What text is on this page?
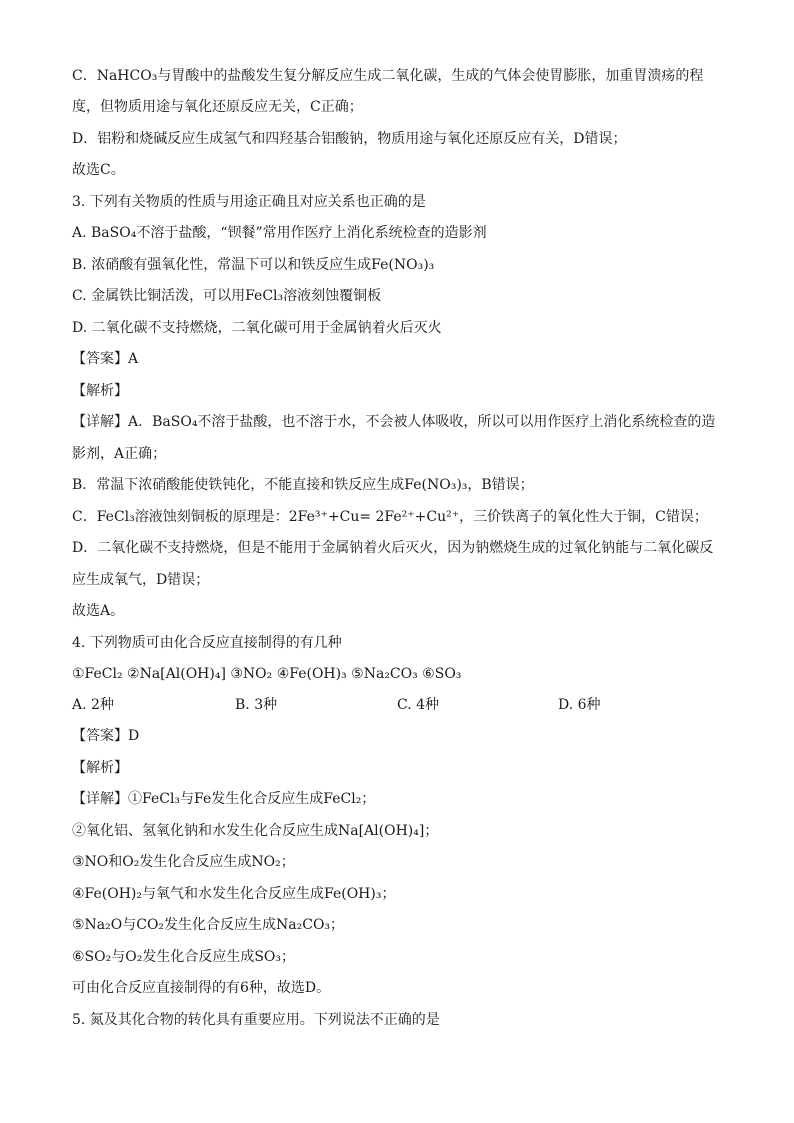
C．NaHCO₃与胃酸中的盐酸发生复分解反应生成二氧化碳，生成的气体会使胃膨胀，加重胃溃疡的程
度，但物质用途与氧化还原反应无关，C正确；
D．铝粉和烧碱反应生成氢气和四羟基合铝酸钠，物质用途与氧化还原反应有关，D错误；
故选C。
3. 下列有关物质的性质与用途正确且对应关系也正确的是
A. BaSO₄不溶于盐酸，“钡餐”常用作医疗上消化系统检查的造影剂
B. 浓硝酸有强氧化性，常温下可以和铁反应生成Fe(NO₃)₃
C. 金属铁比铜活泼，可以用FeCl₃溶液刻蚀覆铜板
D. 二氧化碳不支持燃烧，二氧化碳可用于金属钠着火后灭火
【答案】A
【解析】
【详解】A．BaSO₄不溶于盐酸，也不溶于水，不会被人体吸收，所以可以用作医疗上消化系统检查的造
影剂，A正确；
B．常温下浓硝酸能使铁钝化，不能直接和铁反应生成Fe(NO₃)₃，B错误；
C．FeCl₃溶液蚀刻铜板的原理是：2Fe³⁺+Cu= 2Fe²⁺+Cu²⁺，三价铁离子的氧化性大于铜，C错误；
D．二氧化碳不支持燃烧，但是不能用于金属钠着火后灭火，因为钠燃烧生成的过氧化钠能与二氧化碳反
应生成氧气，D错误；
故选A。
4. 下列物质可由化合反应直接制得的有几种
①FeCl₂ ②Na[Al(OH)₄] ③NO₂ ④Fe(OH)₃ ⑤Na₂CO₃ ⑥SO₃
A. 2种	B. 3种	C. 4种	D. 6种
【答案】D
【解析】
【详解】①FeCl₃与Fe发生化合反应生成FeCl₂；
②氧化铝、氢氧化钠和水发生化合反应生成Na[Al(OH)₄]；
③NO和O₂发生化合反应生成NO₂；
④Fe(OH)₂与氧气和水发生化合反应生成Fe(OH)₃；
⑤Na₂O与CO₂发生化合反应生成Na₂CO₃；
⑥SO₂与O₂发生化合反应生成SO₃；
可由化合反应直接制得的有6种，故选D。
5. 氮及其化合物的转化具有重要应用。下列说法不正确的是
